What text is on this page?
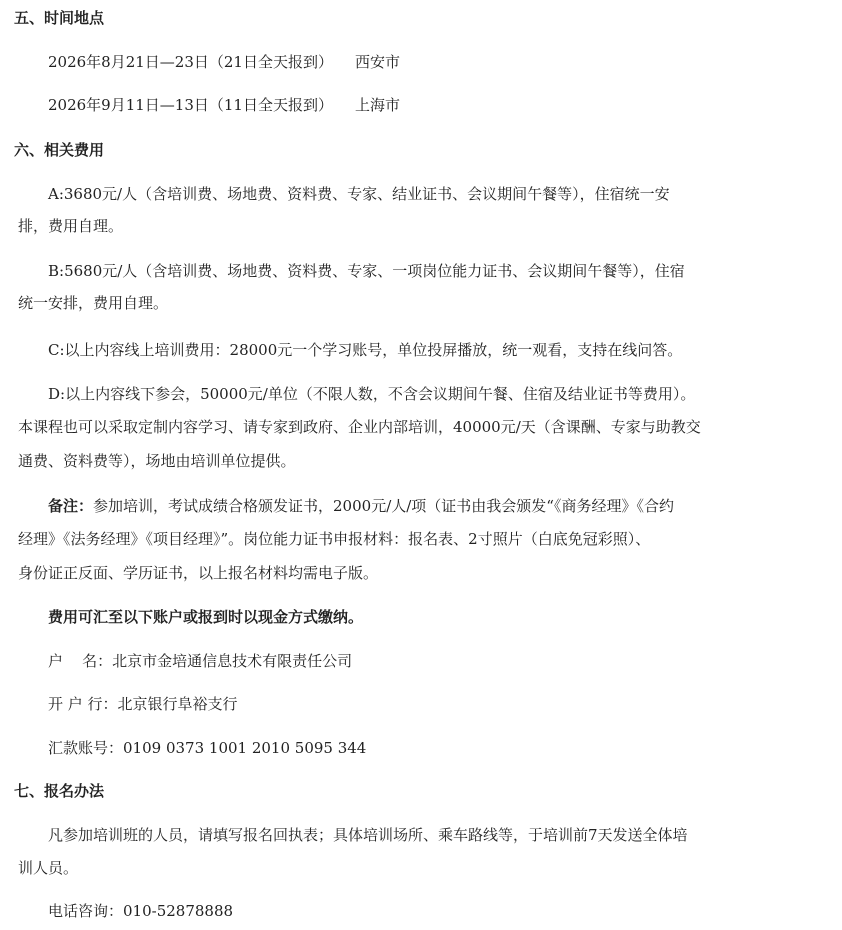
五、时间地点
2026年8月21日—23日（21日全天报到） 西安市
2026年9月11日—13日（11日全天报到） 上海市
六、相关费用
A:3680元/人（含培训费、场地费、资料费、专家、结业证书、会议期间午餐等），住宿统一安
排，费用自理。
B:5680元/人（含培训费、场地费、资料费、专家、一项岗位能力证书、会议期间午餐等），住宿
统一安排，费用自理。
C:以上内容线上培训费用：28000元一个学习账号，单位投屏播放，统一观看，支持在线问答。
D:以上内容线下参会，50000元/单位（不限人数，不含会议期间午餐、住宿及结业证书等费用）。
本课程也可以采取定制内容学习、请专家到政府、企业内部培训，40000元/天（含课酬、专家与助教交
通费、资料费等），场地由培训单位提供。
备注：参加培训，考试成绩合格颁发证书，2000元/人/项（证书由我会颁发“《商务经理》《合约
经理》《法务经理》《项目经理》”。岗位能力证书申报材料：报名表、2寸照片（白底免冠彩照）、
身份证正反面、学历证书，以上报名材料均需电子版。
费用可汇至以下账户或报到时以现金方式缴纳。
户    名：北京市金培通信息技术有限责任公司
开 户 行：北京银行阜裕支行
汇款账号：0109 0373 1001 2010 5095 344
七、报名办法
凡参加培训班的人员，请填写报名回执表；具体培训场所、乘车路线等，于培训前7天发送全体培
训人员。
电话咨询：010-52878888
